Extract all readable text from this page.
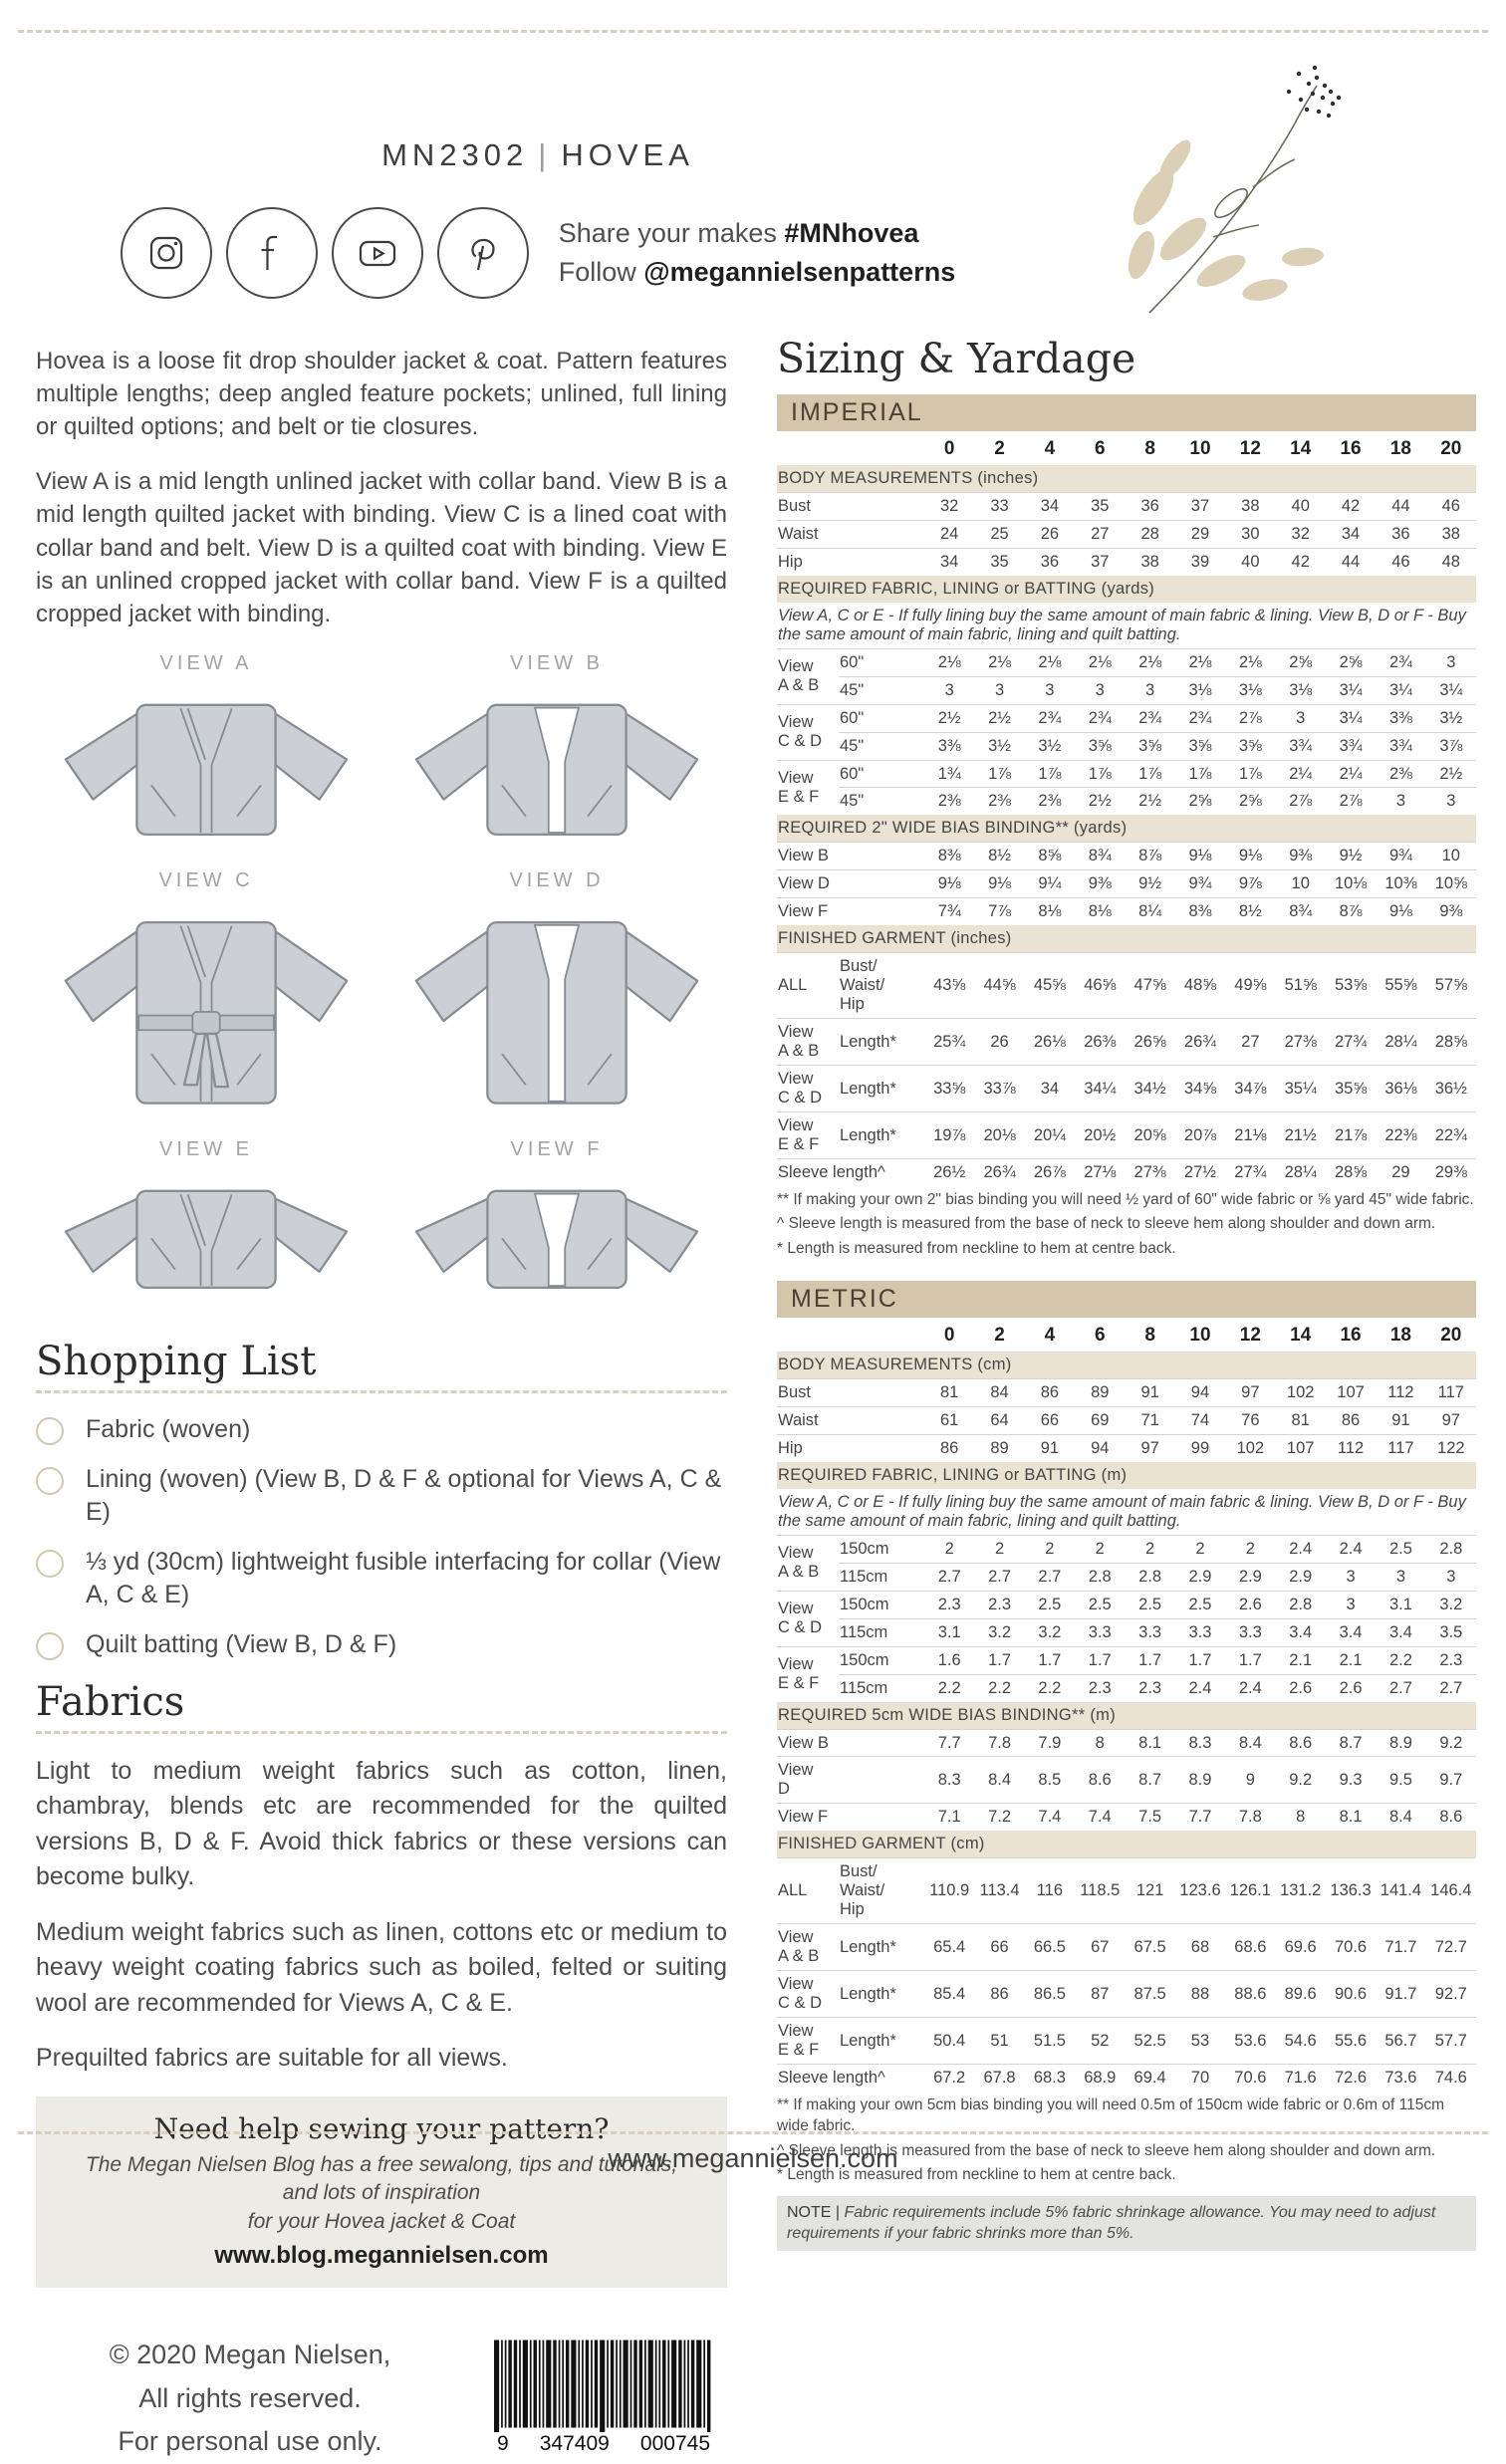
MN2302 | HOVEA
Share your makes #MNhovea
Follow @megannielsenpatterns

Hovea is a loose fit drop shoulder jacket & coat. Pattern features multiple lengths; deep angled feature pockets; unlined, full lining or quilted options; and belt or tie closures.

View A is a mid length unlined jacket with collar band. View B is a mid length quilted jacket with binding. View C is a lined coat with collar band and belt. View D is a quilted coat with binding. View E is an unlined cropped jacket with collar band. View F is a quilted cropped jacket with binding.

VIEW A	VIEW B
VIEW C	VIEW D
VIEW E	VIEW F
Shopping List
Fabric (woven)
Lining (woven) (View B, D & F & optional for Views A, C & E)
⅓ yd (30cm) lightweight fusible interfacing for collar (View A, C & E)
Quilt batting (View B, D & F)
Fabrics

Light to medium weight fabrics such as cotton, linen, chambray, blends etc are recommended for the quilted versions B, D & F. Avoid thick fabrics or these versions can become bulky.

Medium weight fabrics such as linen, cottons etc or medium to heavy weight coating fabrics such as boiled, felted or suiting wool are recommended for Views A, C & E.

Prequilted fabrics are suitable for all views.

Need help sewing your pattern?
The Megan Nielsen Blog has a free sewalong, tips and tutorials, and lots of inspiration
for your Hovea jacket & Coat
www.blog.megannielsen.com
© 2020 Megan Nielsen,
All rights reserved.
For personal use only.	9 347409 000745
Sizing & Yardage
IMPERIAL
		0	2	4	6	8	10	12	14	16	18	20
BODY MEASUREMENTS (inches)												
Bust		32	33	34	35	36	37	38	40	42	44	46
Waist		24	25	26	27	28	29	30	32	34	36	38
Hip		34	35	36	37	38	39	40	42	44	46	48
REQUIRED FABRIC, LINING or BATTING (yards)												
View A, C or E - If fully lining buy the same amount of main fabric & lining. View B, D or F - Buy the same amount of main fabric, lining and quilt batting.												
View
A & B	60"	2⅛	2⅛	2⅛	2⅛	2⅛	2⅛	2⅛	2⅝	2⅝	2¾	3
	45"	3	3	3	3	3	3⅛	3⅛	3⅛	3¼	3¼	3¼
View
C & D	60"	2½	2½	2¾	2¾	2¾	2¾	2⅞	3	3¼	3⅜	3½
	45"	3⅜	3½	3½	3⅝	3⅝	3⅝	3⅝	3¾	3¾	3¾	3⅞
View
E & F	60"	1¾	1⅞	1⅞	1⅞	1⅞	1⅞	1⅞	2¼	2¼	2⅜	2½
	45"	2⅜	2⅜	2⅜	2½	2½	2⅝	2⅝	2⅞	2⅞	3	3
REQUIRED 2" WIDE BIAS BINDING** (yards)												
View B		8⅜	8½	8⅝	8¾	8⅞	9⅛	9⅛	9⅜	9½	9¾	10
View D		9⅛	9⅛	9¼	9⅜	9½	9¾	9⅞	10	10⅛	10⅜	10⅝
View F		7¾	7⅞	8⅛	8⅛	8¼	8⅜	8½	8¾	8⅞	9⅛	9⅜
FINISHED GARMENT (inches)												
ALL	Bust/
Waist/
Hip	43⅝	44⅝	45⅝	46⅝	47⅝	48⅝	49⅝	51⅝	53⅝	55⅝	57⅝
View
A & B	Length*	25¾	26	26⅛	26⅜	26⅝	26¾	27	27⅜	27¾	28¼	28⅝
View
C & D	Length*	33⅝	33⅞	34	34¼	34½	34⅝	34⅞	35¼	35⅝	36⅛	36½
View
E & F	Length*	19⅞	20⅛	20¼	20½	20⅝	20⅞	21⅛	21½	21⅞	22⅜	22¾
Sleeve length^		26½	26¾	26⅞	27⅛	27⅜	27½	27¾	28¼	28⅝	29	29⅜
** If making your own 2" bias binding you will need ½ yard of 60" wide fabric or ⅝ yard 45" wide fabric.
^ Sleeve length is measured from the base of neck to sleeve hem along shoulder and down arm.
* Length is measured from neckline to hem at centre back.
METRIC
		0	2	4	6	8	10	12	14	16	18	20
BODY MEASUREMENTS (cm)												
Bust		81	84	86	89	91	94	97	102	107	112	117
Waist		61	64	66	69	71	74	76	81	86	91	97
Hip		86	89	91	94	97	99	102	107	112	117	122
REQUIRED FABRIC, LINING or BATTING (m)												
View A, C or E - If fully lining buy the same amount of main fabric & lining. View B, D or F - Buy the same amount of main fabric, lining and quilt batting.												
View
A & B	150cm	2	2	2	2	2	2	2	2.4	2.4	2.5	2.8
	115cm	2.7	2.7	2.7	2.8	2.8	2.9	2.9	2.9	3	3	3
View
C & D	150cm	2.3	2.3	2.5	2.5	2.5	2.5	2.6	2.8	3	3.1	3.2
	115cm	3.1	3.2	3.2	3.3	3.3	3.3	3.3	3.4	3.4	3.4	3.5
View
E & F	150cm	1.6	1.7	1.7	1.7	1.7	1.7	1.7	2.1	2.1	2.2	2.3
	115cm	2.2	2.2	2.2	2.3	2.3	2.4	2.4	2.6	2.6	2.7	2.7
REQUIRED 5cm WIDE BIAS BINDING** (m)												
View B		7.7	7.8	7.9	8	8.1	8.3	8.4	8.6	8.7	8.9	9.2
View
D		8.3	8.4	8.5	8.6	8.7	8.9	9	9.2	9.3	9.5	9.7
View F		7.1	7.2	7.4	7.4	7.5	7.7	7.8	8	8.1	8.4	8.6
FINISHED GARMENT (cm)												
ALL	Bust/
Waist/
Hip	110.9	113.4	116	118.5	121	123.6	126.1	131.2	136.3	141.4	146.4
View
A & B	Length*	65.4	66	66.5	67	67.5	68	68.6	69.6	70.6	71.7	72.7
View
C & D	Length*	85.4	86	86.5	87	87.5	88	88.6	89.6	90.6	91.7	92.7
View
E & F	Length*	50.4	51	51.5	52	52.5	53	53.6	54.6	55.6	56.7	57.7
Sleeve length^		67.2	67.8	68.3	68.9	69.4	70	70.6	71.6	72.6	73.6	74.6
** If making your own 5cm bias binding you will need 0.5m of 150cm wide fabric or 0.6m of 115cm wide fabric.
^ Sleeve length is measured from the base of neck to sleeve hem along shoulder and down arm.
* Length is measured from neckline to hem at centre back.
NOTE | Fabric requirements include 5% fabric shrinkage allowance. You may need to adjust requirements if your fabric shrinks more than 5%.
www.megannielsen.com
